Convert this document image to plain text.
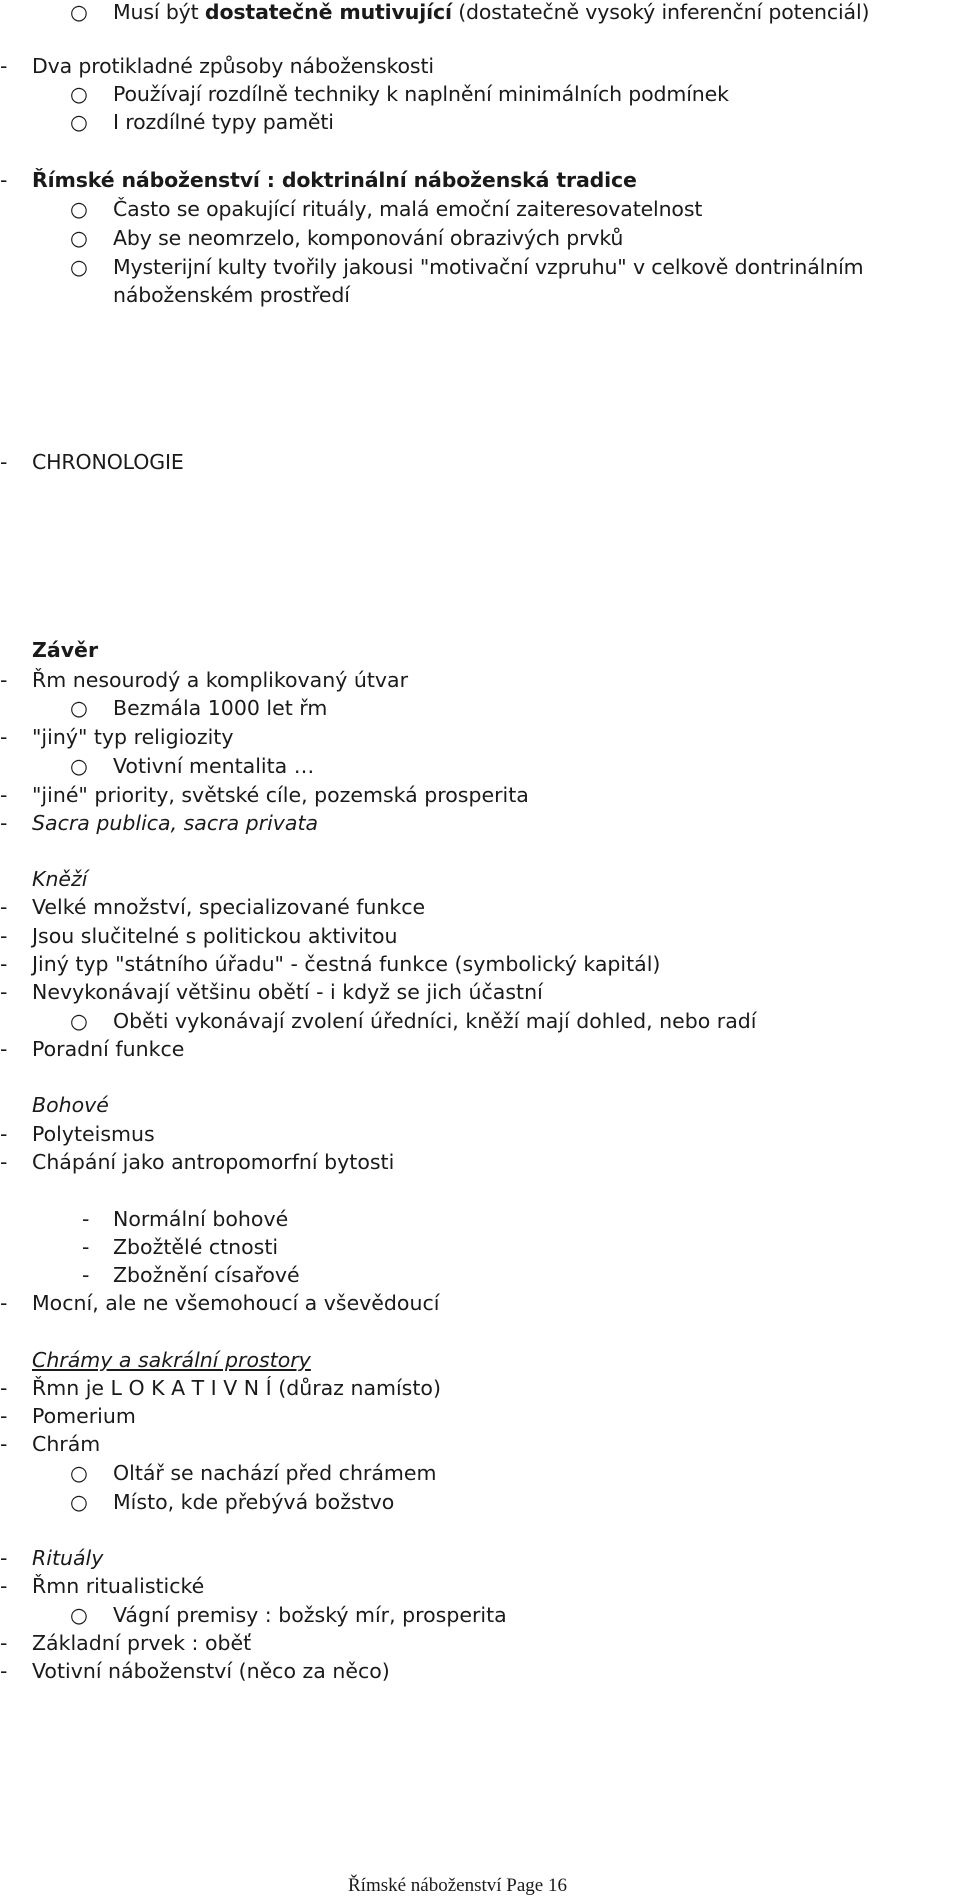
○ Musí být dostatečně mutivující (dostatečně vysoký inferenční potenciál)
- Dva protikladné způsoby náboženskosti
○ Používají rozdílně techniky k naplnění minimálních podmínek
○ I rozdílné typy paměti
- Římské náboženství : doktrinální náboženská tradice
○ Často se opakující rituály, malá emoční zaiteresovatelnost
○ Aby se neomrzelo, komponování obrazivých prvků
○ Mysterijní kulty tvořily jakousi "motivační vzpruhu" v celkově dontrinálním
náboženském prostředí
- CHRONOLOGIE
Závěr
- Řm nesourodý a komplikovaný útvar
○ Bezmála 1000 let řm
- "jiný" typ religiozity
○ Votivní mentalita …
- "jiné" priority, světské cíle, pozemská prosperita
- Sacra publica, sacra privata
Kněží
- Velké množství, specializované funkce
- Jsou slučitelné s politickou aktivitou
- Jiný typ "státního úřadu" - čestná funkce (symbolický kapitál)
- Nevykonávají většinu obětí - i když se jich účastní
○ Oběti vykonávají zvolení úředníci, kněží mají dohled, nebo radí
- Poradní funkce
Bohové
- Polyteismus
- Chápání jako antropomorfní bytosti
- Normální bohové
- Zbožtělé ctnosti
- Zbožnění císařové
- Mocní, ale ne všemohoucí a vševědoucí
Chrámy a sakrální prostory
- Řmn je L O K A T I V N Í (důraz namísto)
- Pomerium
- Chrám
○ Oltář se nachází před chrámem
○ Místo, kde přebývá božstvo
- Rituály
- Řmn ritualistické
○ Vágní premisy : božský mír, prosperita
- Základní prvek : oběť
- Votivní náboženství (něco za něco)
Římské náboženství Page 16
